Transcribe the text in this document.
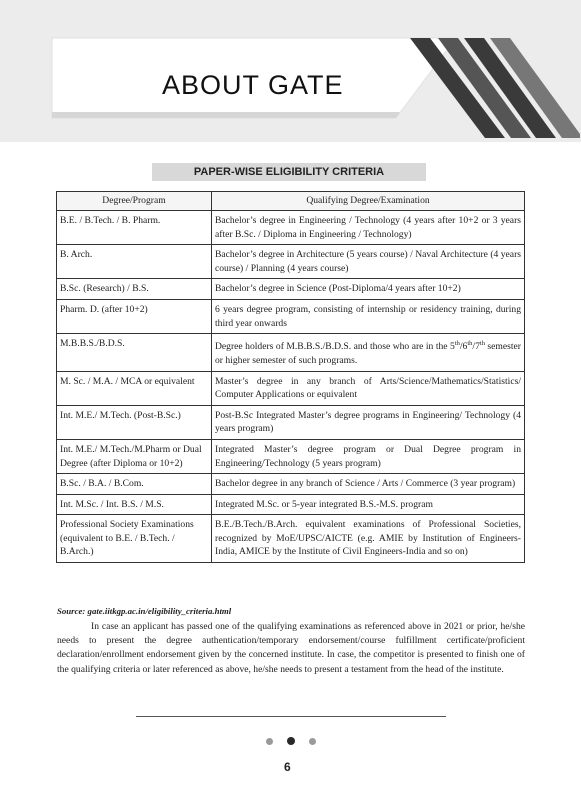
ABOUT GATE
PAPER-WISE ELIGIBILITY CRITERIA
Degree/Program	Qualifying Degree/Examination
B.E. / B.Tech. / B. Pharm.	Bachelor’s degree in Engineering / Technology (4 years after 10+2 or 3 years after B.Sc. / Diploma in Engineering / Technology)
B. Arch.	Bachelor’s degree in Architecture (5 years course) / Naval Architecture (4 years course) / Planning (4 years course)
B.Sc. (Research) / B.S.	Bachelor’s degree in Science (Post-Diploma/4 years after 10+2)
Pharm. D. (after 10+2)	6 years degree program, consisting of internship or residency training, during third year onwards
M.B.B.S./B.D.S.	Degree holders of M.B.B.S./B.D.S. and those who are in the 5th/6th/7th semester or higher semester of such programs.
M. Sc. / M.A. / MCA or equivalent	Master’s degree in any branch of Arts/Science/Mathematics/Statistics/ Computer Applications or equivalent
Int. M.E./ M.Tech. (Post-B.Sc.)	Post-B.Sc Integrated Master’s degree programs in Engineering/ Technology (4 years program)
Int. M.E./ M.Tech./M.Pharm or Dual Degree (after Diploma or 10+2)	Integrated Master’s degree program or Dual Degree program in Engineering/Technology (5 years program)
B.Sc. / B.A. / B.Com.	Bachelor degree in any branch of Science / Arts / Commerce (3 year program)
Int. M.Sc. / Int. B.S. / M.S.	Integrated M.Sc. or 5-year integrated B.S.-M.S. program
Professional Society Examinations (equivalent to B.E. / B.Tech. / B.Arch.)	B.E./B.Tech./B.Arch. equivalent examinations of Professional Societies, recognized by MoE/UPSC/AICTE (e.g. AMIE by Institution of Engineers-India, AMICE by the Institute of Civil Engineers-India and so on)
Source: gate.iitkgp.ac.in/eligibility_criteria.html
In case an applicant has passed one of the qualifying examinations as referenced above in 2021 or prior, he/she needs to present the degree authentication/temporary endorsement/course fulfillment certificate/proficient declaration/enrollment endorsement given by the concerned institute. In case, the competitor is presented to finish one of the qualifying criteria or later referenced as above, he/she needs to present a testament from the head of the institute.
6
